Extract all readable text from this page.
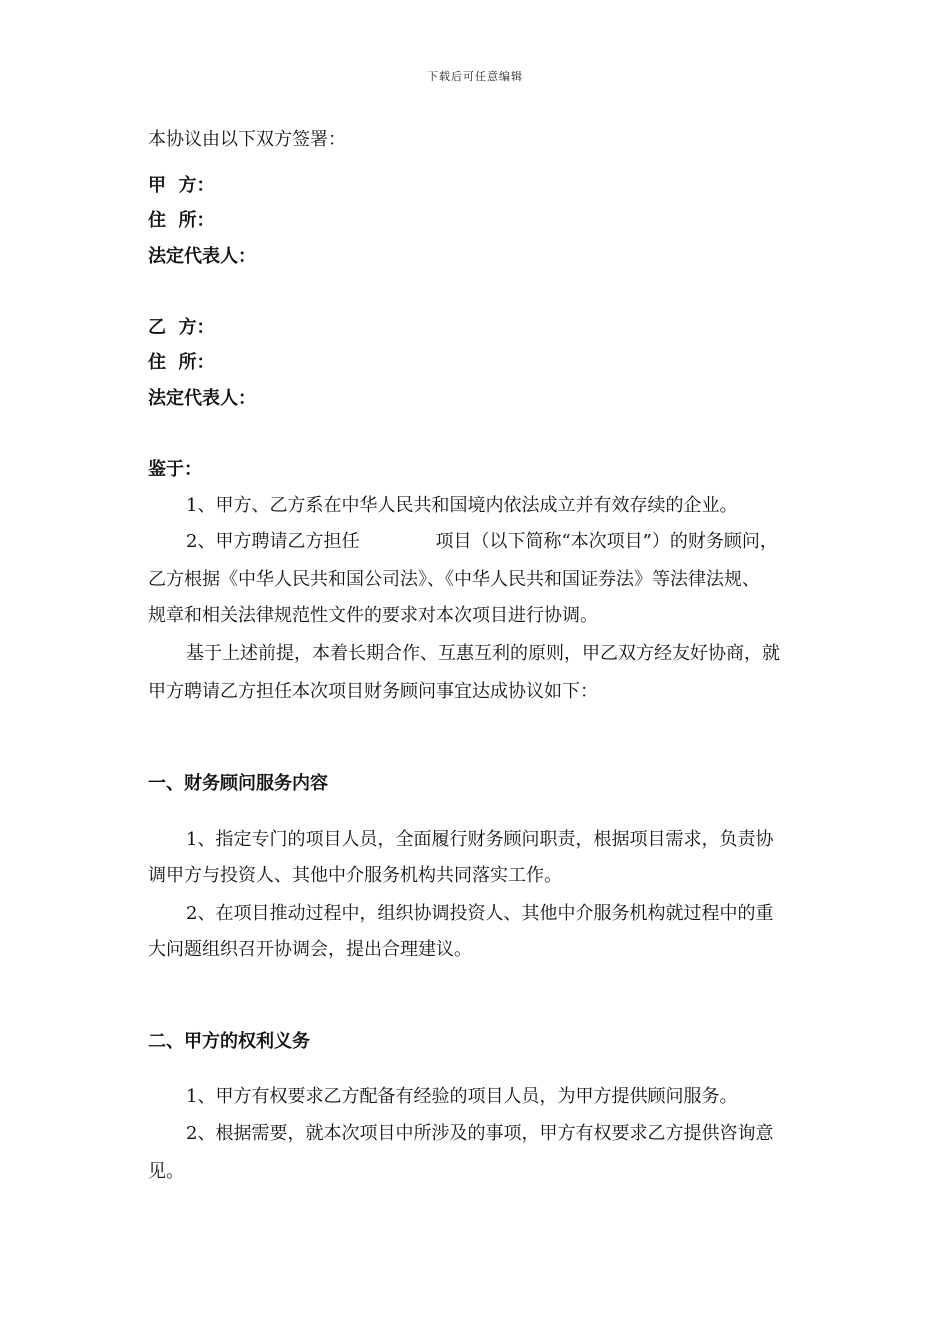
下载后可任意编辑
本协议由以下双方签署：
甲  方：
住  所：
法定代表人：
乙  方：
住  所：
法定代表人：
鉴于：
1、甲方、乙方系在中华人民共和国境内依法成立并有效存续的企业。
2、甲方聘请乙方担任	项目（以下简称“本次项目”）的财务顾问，
乙方根据《中华人民共和国公司法》、《中华人民共和国证券法》等法律法规、
规章和相关法律规范性文件的要求对本次项目进行协调。
基于上述前提，本着长期合作、互惠互利的原则，甲乙双方经友好协商，就
甲方聘请乙方担任本次项目财务顾问事宜达成协议如下：
一、财务顾问服务内容
1、指定专门的项目人员，全面履行财务顾问职责，根据项目需求，负责协
调甲方与投资人、其他中介服务机构共同落实工作。
2、在项目推动过程中，组织协调投资人、其他中介服务机构就过程中的重
大问题组织召开协调会，提出合理建议。
二、甲方的权利义务
1、甲方有权要求乙方配备有经验的项目人员，为甲方提供顾问服务。
2、根据需要，就本次项目中所涉及的事项，甲方有权要求乙方提供咨询意
见。
